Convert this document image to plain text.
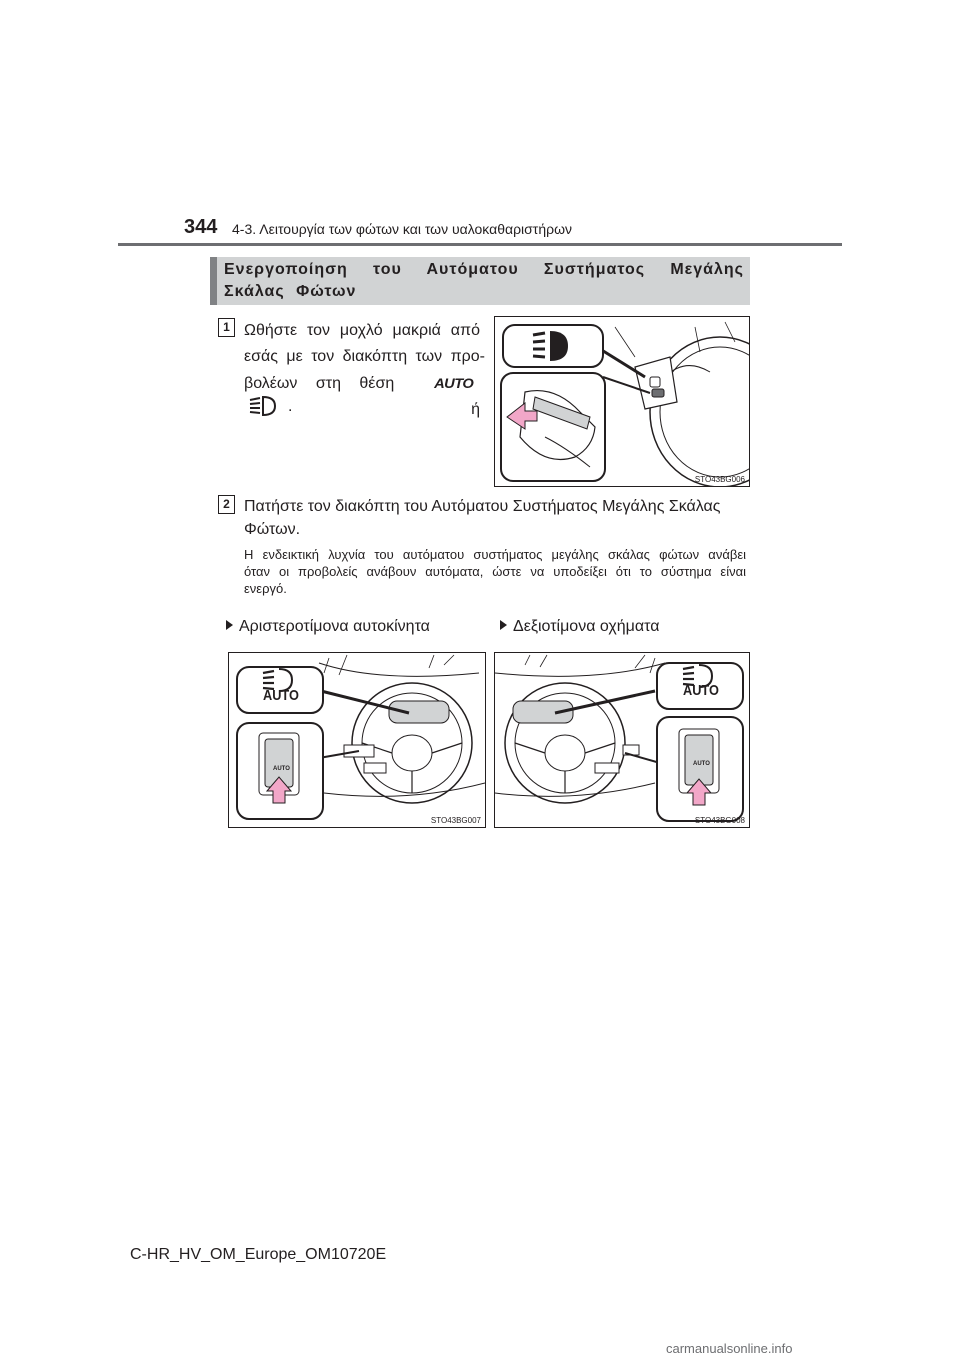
344 4-3. Λειτουργία των φώτων και των υαλοκαθαριστήρων
Ενεργοποίηση του Αυτόματου Συστήματος Μεγάλης Σκάλας Φώτων
1 Ωθήστε τον μοχλό μακριά από
εσάς με τον διακόπτη των προ-
βολέων στη θέση	AUTO
ή
.
STO43BG006
2 Πατήστε τον διακόπτη του Αυτόματου Συστήματος Μεγάλης Σκάλας Φώτων.
Η ενδεικτική λυχνία του αυτόματου συστήματος μεγάλης σκάλας φώτων ανάβει όταν οι προβολείς ανάβουν αυτόματα, ώστε να υποδείξει ότι το σύστημα είναι ενεργό.
Αριστεροτίμονα αυτοκίνητα	Δεξιοτίμονα οχήματα
AUTO
AUTO
STO43BG007
AUTO
AUTO
STO43BG008
C-HR_HV_OM_Europe_OM10720E
carmanualsonline.info
